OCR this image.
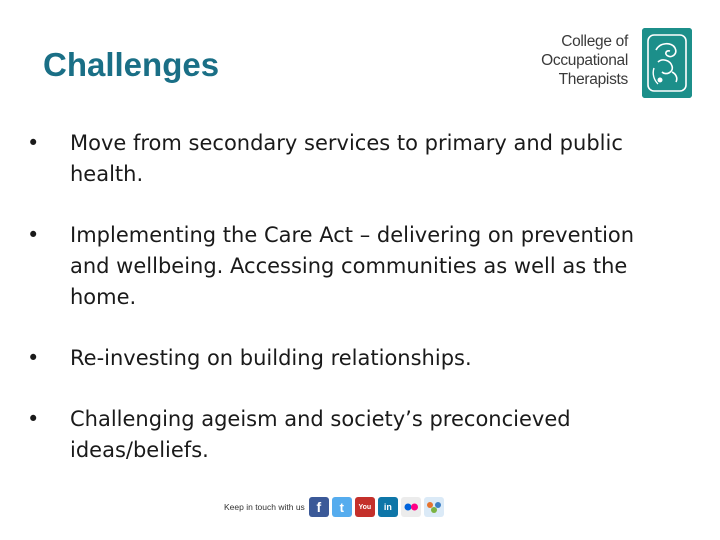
Challenges
College of
Occupational
Therapists
• Move from secondary services to primary and public health.
• Implementing the Care Act – delivering on prevention and wellbeing. Accessing communities as well as the home.
• Re-investing on building relationships.
• Challenging ageism and society’s preconcieved ideas/beliefs.
Keep in touch with us f	t	You	in
